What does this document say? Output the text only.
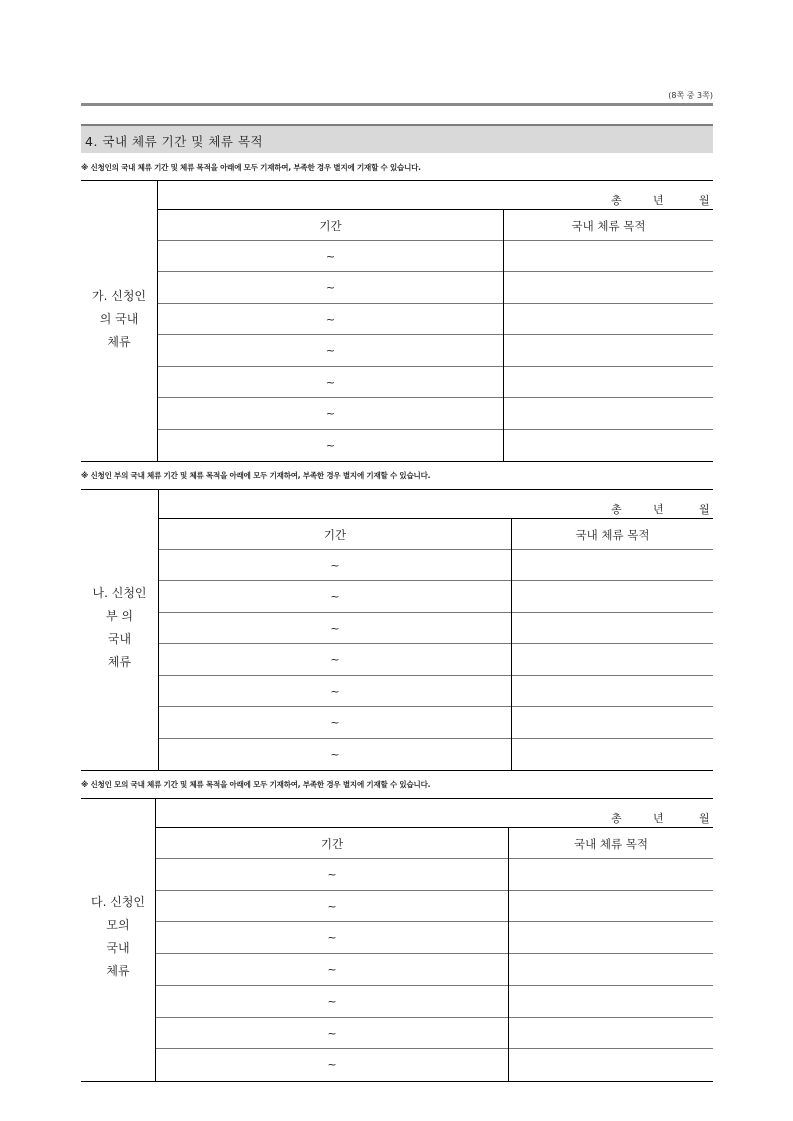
(8쪽 중 3쪽)
4. 국내 체류 기간 및 체류 목적
※ 신청인의 국내 체류 기간 및 체류 목적을 아래에 모두 기재하여, 부족한 경우 별지에 기재할 수 있습니다.
가. 신청인
의 국내
체류
총	년	월
기간	국내 체류 목적
~
~
~
~
~
~
~
※ 신청인 부의 국내 체류 기간 및 체류 목적을 아래에 모두 기재하여, 부족한 경우 별지에 기재할 수 있습니다.
나. 신청인
부 의
국내
체류
총	년	월
기간	국내 체류 목적
~
~
~
~
~
~
~
※ 신청인 모의 국내 체류 기간 및 체류 목적을 아래에 모두 기재하여, 부족한 경우 별지에 기재할 수 있습니다.
다. 신청인
모의
국내
체류
총	년	월
기간	국내 체류 목적
~
~
~
~
~
~
~
